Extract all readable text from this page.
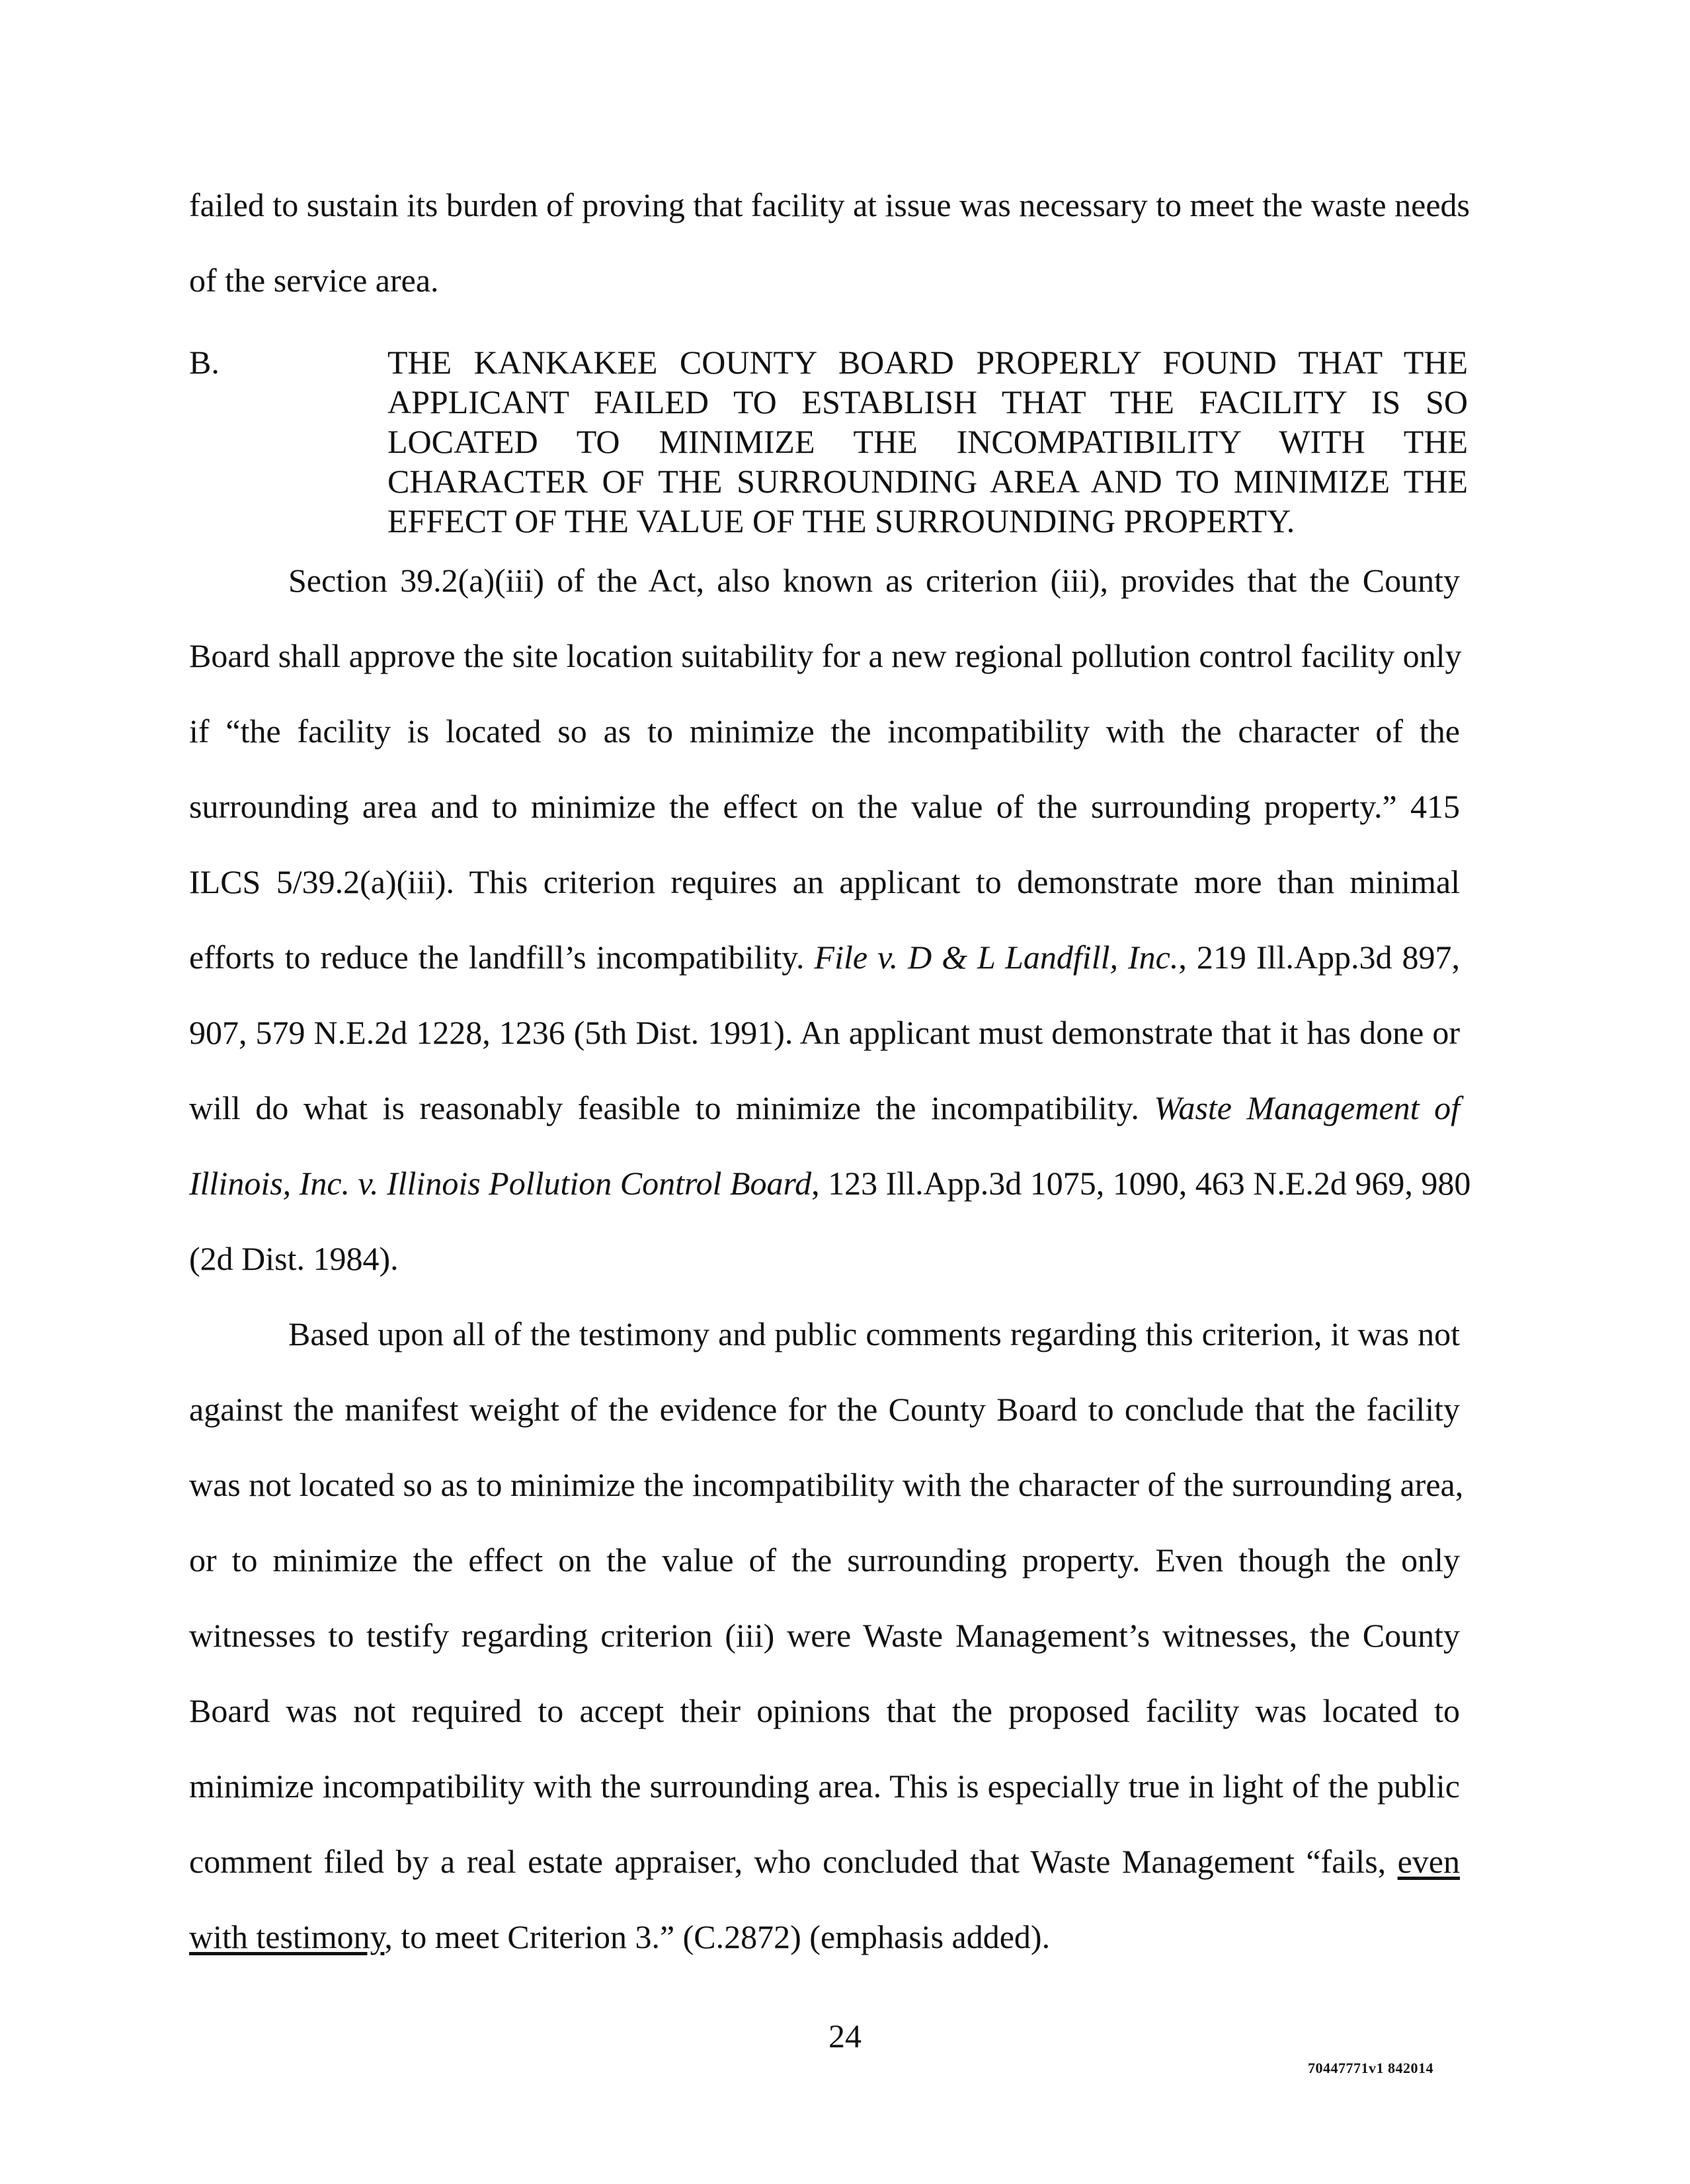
failed to sustain its burden of proving that facility at issue was necessary to meet the waste needs
of the service area.
B.	THE KANKAKEE COUNTY BOARD PROPERLY FOUND THAT THE
APPLICANT FAILED TO ESTABLISH THAT THE FACILITY IS SO
LOCATED TO MINIMIZE THE INCOMPATIBILITY WITH THE
CHARACTER OF THE SURROUNDING AREA AND TO MINIMIZE THE
EFFECT OF THE VALUE OF THE SURROUNDING PROPERTY.
Section 39.2(a)(iii) of the Act, also known as criterion (iii), provides that the County
Board shall approve the site location suitability for a new regional pollution control facility only
if “the facility is located so as to minimize the incompatibility with the character of the
surrounding area and to minimize the effect on the value of the surrounding property.” 415
ILCS 5/39.2(a)(iii). This criterion requires an applicant to demonstrate more than minimal
efforts to reduce the landfill’s incompatibility. File v. D & L Landfill, Inc., 219 Ill.App.3d 897,
907, 579 N.E.2d 1228, 1236 (5th Dist. 1991). An applicant must demonstrate that it has done or
will do what is reasonably feasible to minimize the incompatibility. Waste Management of
Illinois, Inc. v. Illinois Pollution Control Board, 123 Ill.App.3d 1075, 1090, 463 N.E.2d 969, 980
(2d Dist. 1984).
Based upon all of the testimony and public comments regarding this criterion, it was not
against the manifest weight of the evidence for the County Board to conclude that the facility
was not located so as to minimize the incompatibility with the character of the surrounding area,
or to minimize the effect on the value of the surrounding property. Even though the only
witnesses to testify regarding criterion (iii) were Waste Management’s witnesses, the County
Board was not required to accept their opinions that the proposed facility was located to
minimize incompatibility with the surrounding area. This is especially true in light of the public
comment filed by a real estate appraiser, who concluded that Waste Management “fails, even
with testimony, to meet Criterion 3.” (C.2872) (emphasis added).
24
70447771v1 842014
